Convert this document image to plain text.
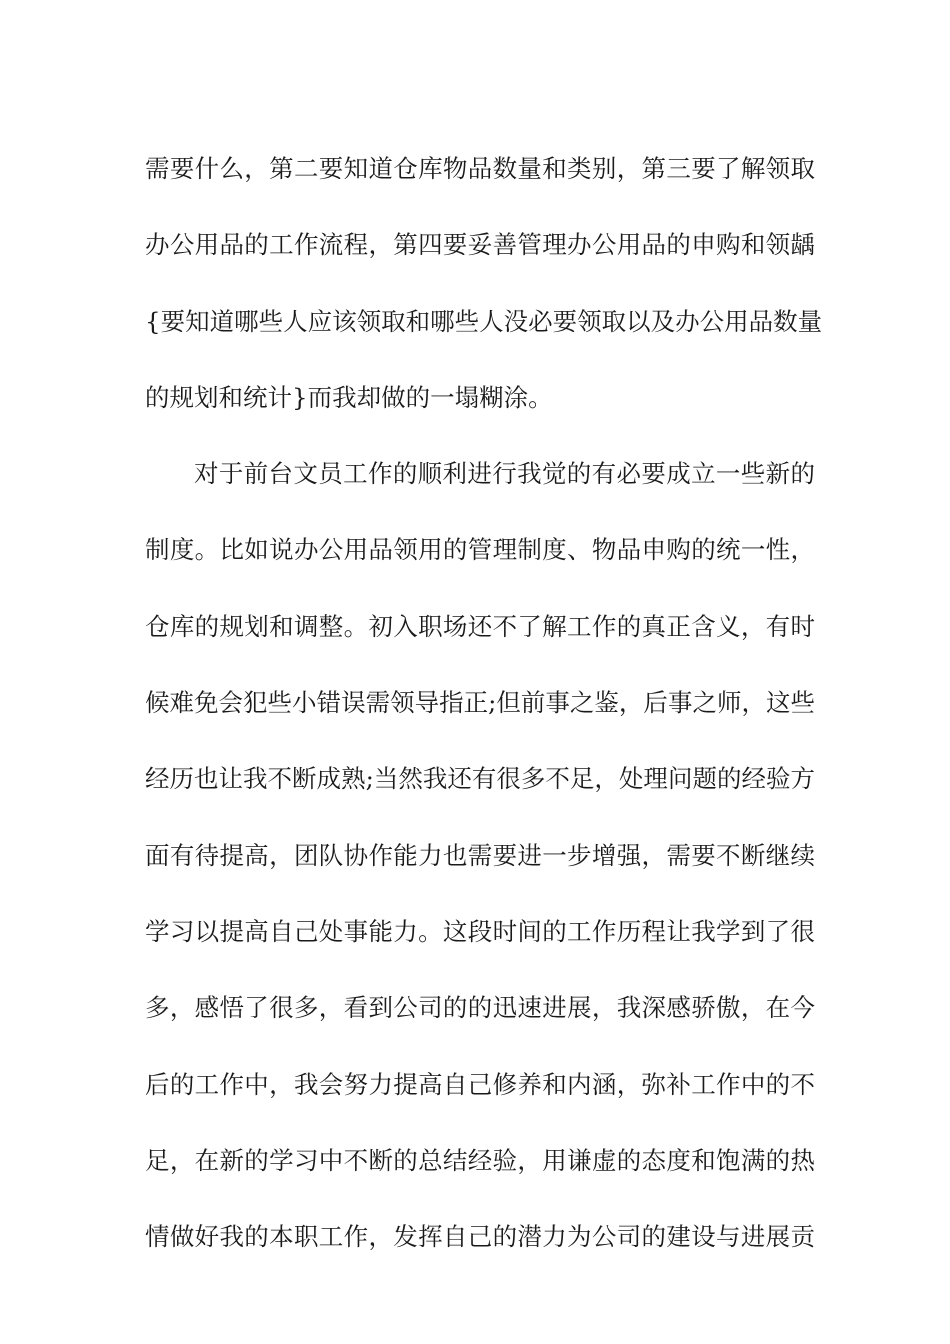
需要什么，第二要知道仓库物品数量和类别，第三要了解领取
办公用品的工作流程，第四要妥善管理办公用品的申购和领龋
{要知道哪些人应该领取和哪些人没必要领取以及办公用品数量
的规划和统计}而我却做的一塌糊涂。
对于前台文员工作的顺利进行我觉的有必要成立一些新的
制度。比如说办公用品领用的管理制度、物品申购的统一性，
仓库的规划和调整。初入职场还不了解工作的真正含义，有时
候难免会犯些小错误需领导指正;但前事之鉴，后事之师，这些
经历也让我不断成熟;当然我还有很多不足，处理问题的经验方
面有待提高，团队协作能力也需要进一步增强，需要不断继续
学习以提高自己处事能力。这段时间的工作历程让我学到了很
多，感悟了很多，看到公司的的迅速进展，我深感骄傲，在今
后的工作中，我会努力提高自己修养和内涵，弥补工作中的不
足，在新的学习中不断的总结经验，用谦虚的态度和饱满的热
情做好我的本职工作，发挥自己的潜力为公司的建设与进展贡
